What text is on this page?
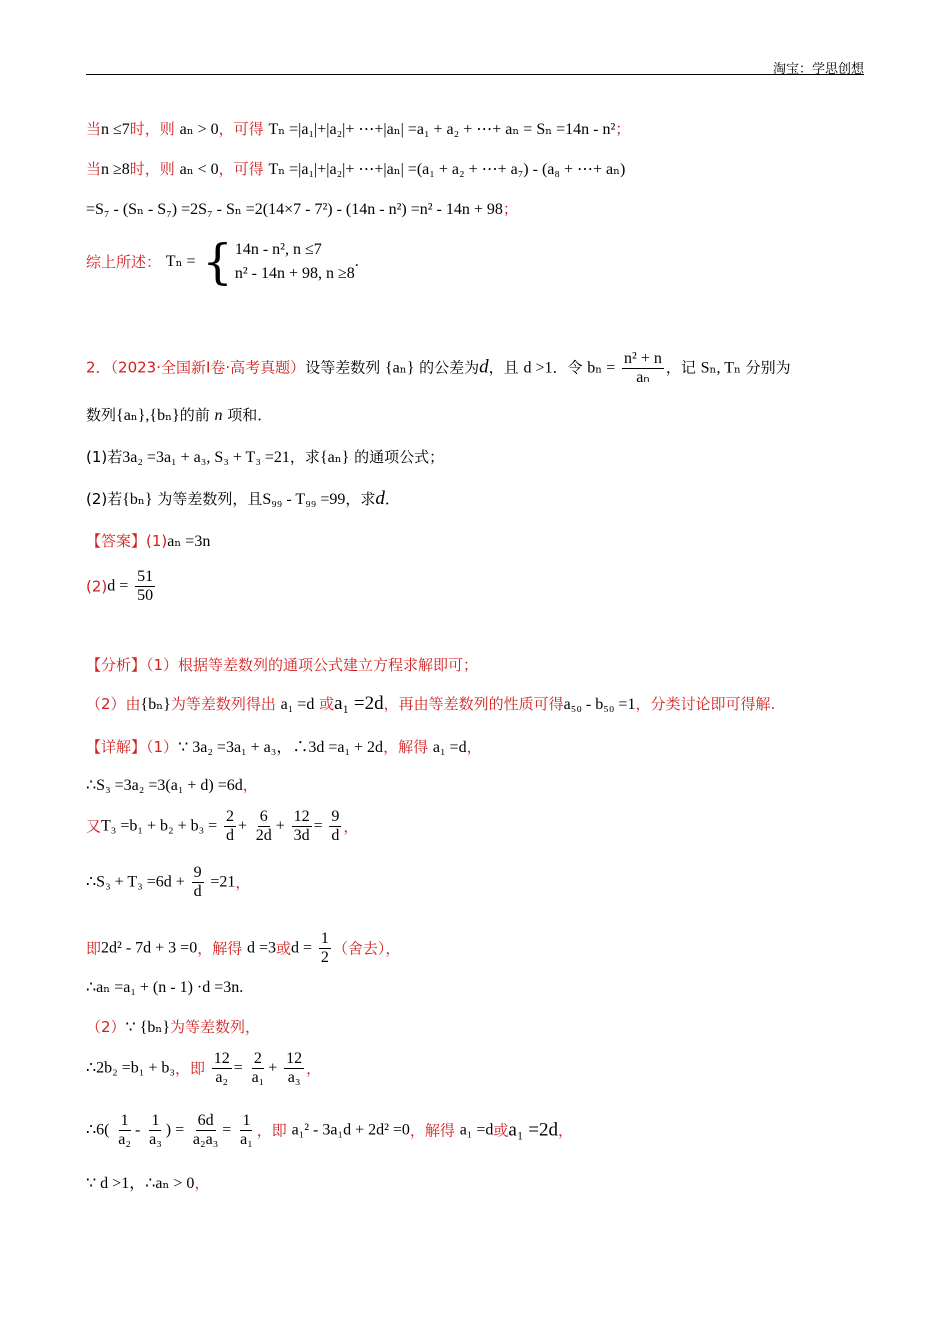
淘宝：学思创想
当n ≤7时，则 aₙ > 0，可得 Tₙ =|a₁|+|a₂|+ ⋯+|aₙ| =a₁ + a₂ + ⋯+ aₙ = Sₙ =14n - n²；
当n ≥8时，则 aₙ < 0，可得 Tₙ =|a₁|+|a₂|+ ⋯+|aₙ| =(a₁ + a₂ + ⋯+ a₇) - (a₈ + ⋯+ aₙ)
=S₇ - (Sₙ - S₇) =2S₇ - Sₙ =2(14×7 - 7²) - (14n - n²) =n² - 14n + 98；
综上所述： Tₙ = { 14n - n², n ≤7
n² - 14n + 98, n ≥8
.
2．（2023·全国新Ⅰ卷·高考真题）设等差数列 {aₙ} 的公差为d，且 d >1．令 $b_n = \frac{\text{n² + n}}{\text{aₙ}}$ ，记 Sₙ, Tₙ 分别为
数列{aₙ},{bₙ}的前 n 项和．
(1)若3a₂ =3a₁ + a₃, S₃ + T₃ =21，求{aₙ} 的通项公式；
(2)若{bₙ} 为等差数列，且S₉₉ - T₉₉ =99，求d．
【答案】(1)aₙ =3n
$(2)d = \frac{51}{50}$
【分析】（1）根据等差数列的通项公式建立方程求解即可；
（2）由{bₙ}为等差数列得出 a₁ =d 或a₁ =2d，再由等差数列的性质可得a₅₀ - b₅₀ =1，分类讨论即可得解.
【详解】（1）∵ 3a₂ =3a₁ + a₃，∴3d =a₁ + 2d，解得 a₁ =d，
∴S₃ =3a₂ =3(a₁ + d) =6d，
又$T_3 =b_1 + b_2 + b_3 = \frac{2}{d} + \frac{6}{2d} + \frac{12}{3d} = \frac{9}{d}$ ，
∴S₃ + $T_3 =6d + \frac{9}{d} =21$，
即2d² - 7d + 3 =0，解得 d =3或$d = \frac{1}{2}$ （舍去），
∴aₙ =a₁ + (n - 1) ·d =3n.
（2）∵ {bₙ}为等差数列，
∴2b₂ =b₁ + b₃，即 $\frac{12}{\text{a₂}} = \frac{2}{\text{a₁}} + \frac{12}{\text{a₃}}$ ，
∴6( $\frac{1}{\text{a₂}} - \frac{1}{\text{a₃}}$ ) = $\frac{6d}{\text{a₂a₃}} = \frac{1}{\text{a₁}}$ ，即 a₁² - 3a₁d + 2d² =0，解得 a₁ =d或a₁ =2d，
∵ d >1，∴aₙ > 0，
